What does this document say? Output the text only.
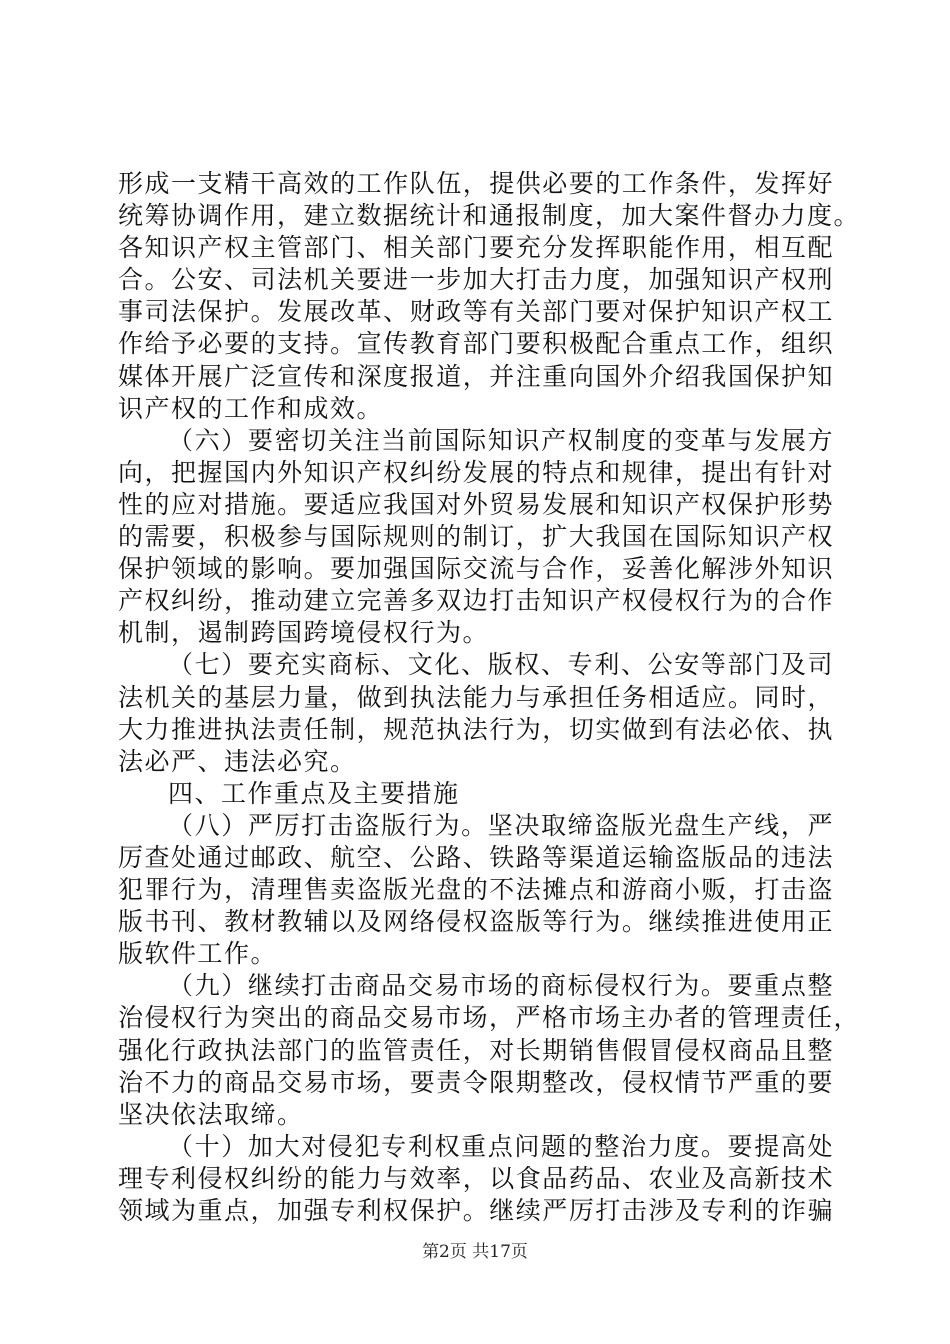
形成一支精干高效的工作队伍，提供必要的工作条件，发挥好
统筹协调作用，建立数据统计和通报制度，加大案件督办力度。
各知识产权主管部门、相关部门要充分发挥职能作用，相互配
合。公安、司法机关要进一步加大打击力度，加强知识产权刑
事司法保护。发展改革、财政等有关部门要对保护知识产权工
作给予必要的支持。宣传教育部门要积极配合重点工作，组织
媒体开展广泛宣传和深度报道，并注重向国外介绍我国保护知
识产权的工作和成效。
（六）要密切关注当前国际知识产权制度的变革与发展方
向，把握国内外知识产权纠纷发展的特点和规律，提出有针对
性的应对措施。要适应我国对外贸易发展和知识产权保护形势
的需要，积极参与国际规则的制订，扩大我国在国际知识产权
保护领域的影响。要加强国际交流与合作，妥善化解涉外知识
产权纠纷，推动建立完善多双边打击知识产权侵权行为的合作
机制，遏制跨国跨境侵权行为。
（七）要充实商标、文化、版权、专利、公安等部门及司
法机关的基层力量，做到执法能力与承担任务相适应。同时，
大力推进执法责任制，规范执法行为，切实做到有法必依、执
法必严、违法必究。
四、工作重点及主要措施
（八）严厉打击盗版行为。坚决取缔盗版光盘生产线，严
厉查处通过邮政、航空、公路、铁路等渠道运输盗版品的违法
犯罪行为，清理售卖盗版光盘的不法摊点和游商小贩，打击盗
版书刊、教材教辅以及网络侵权盗版等行为。继续推进使用正
版软件工作。
（九）继续打击商品交易市场的商标侵权行为。要重点整
治侵权行为突出的商品交易市场，严格市场主办者的管理责任，
强化行政执法部门的监管责任，对长期销售假冒侵权商品且整
治不力的商品交易市场，要责令限期整改，侵权情节严重的要
坚决依法取缔。
（十）加大对侵犯专利权重点问题的整治力度。要提高处
理专利侵权纠纷的能力与效率，以食品药品、农业及高新技术
领域为重点，加强专利权保护。继续严厉打击涉及专利的诈骗
第2页 共17页
